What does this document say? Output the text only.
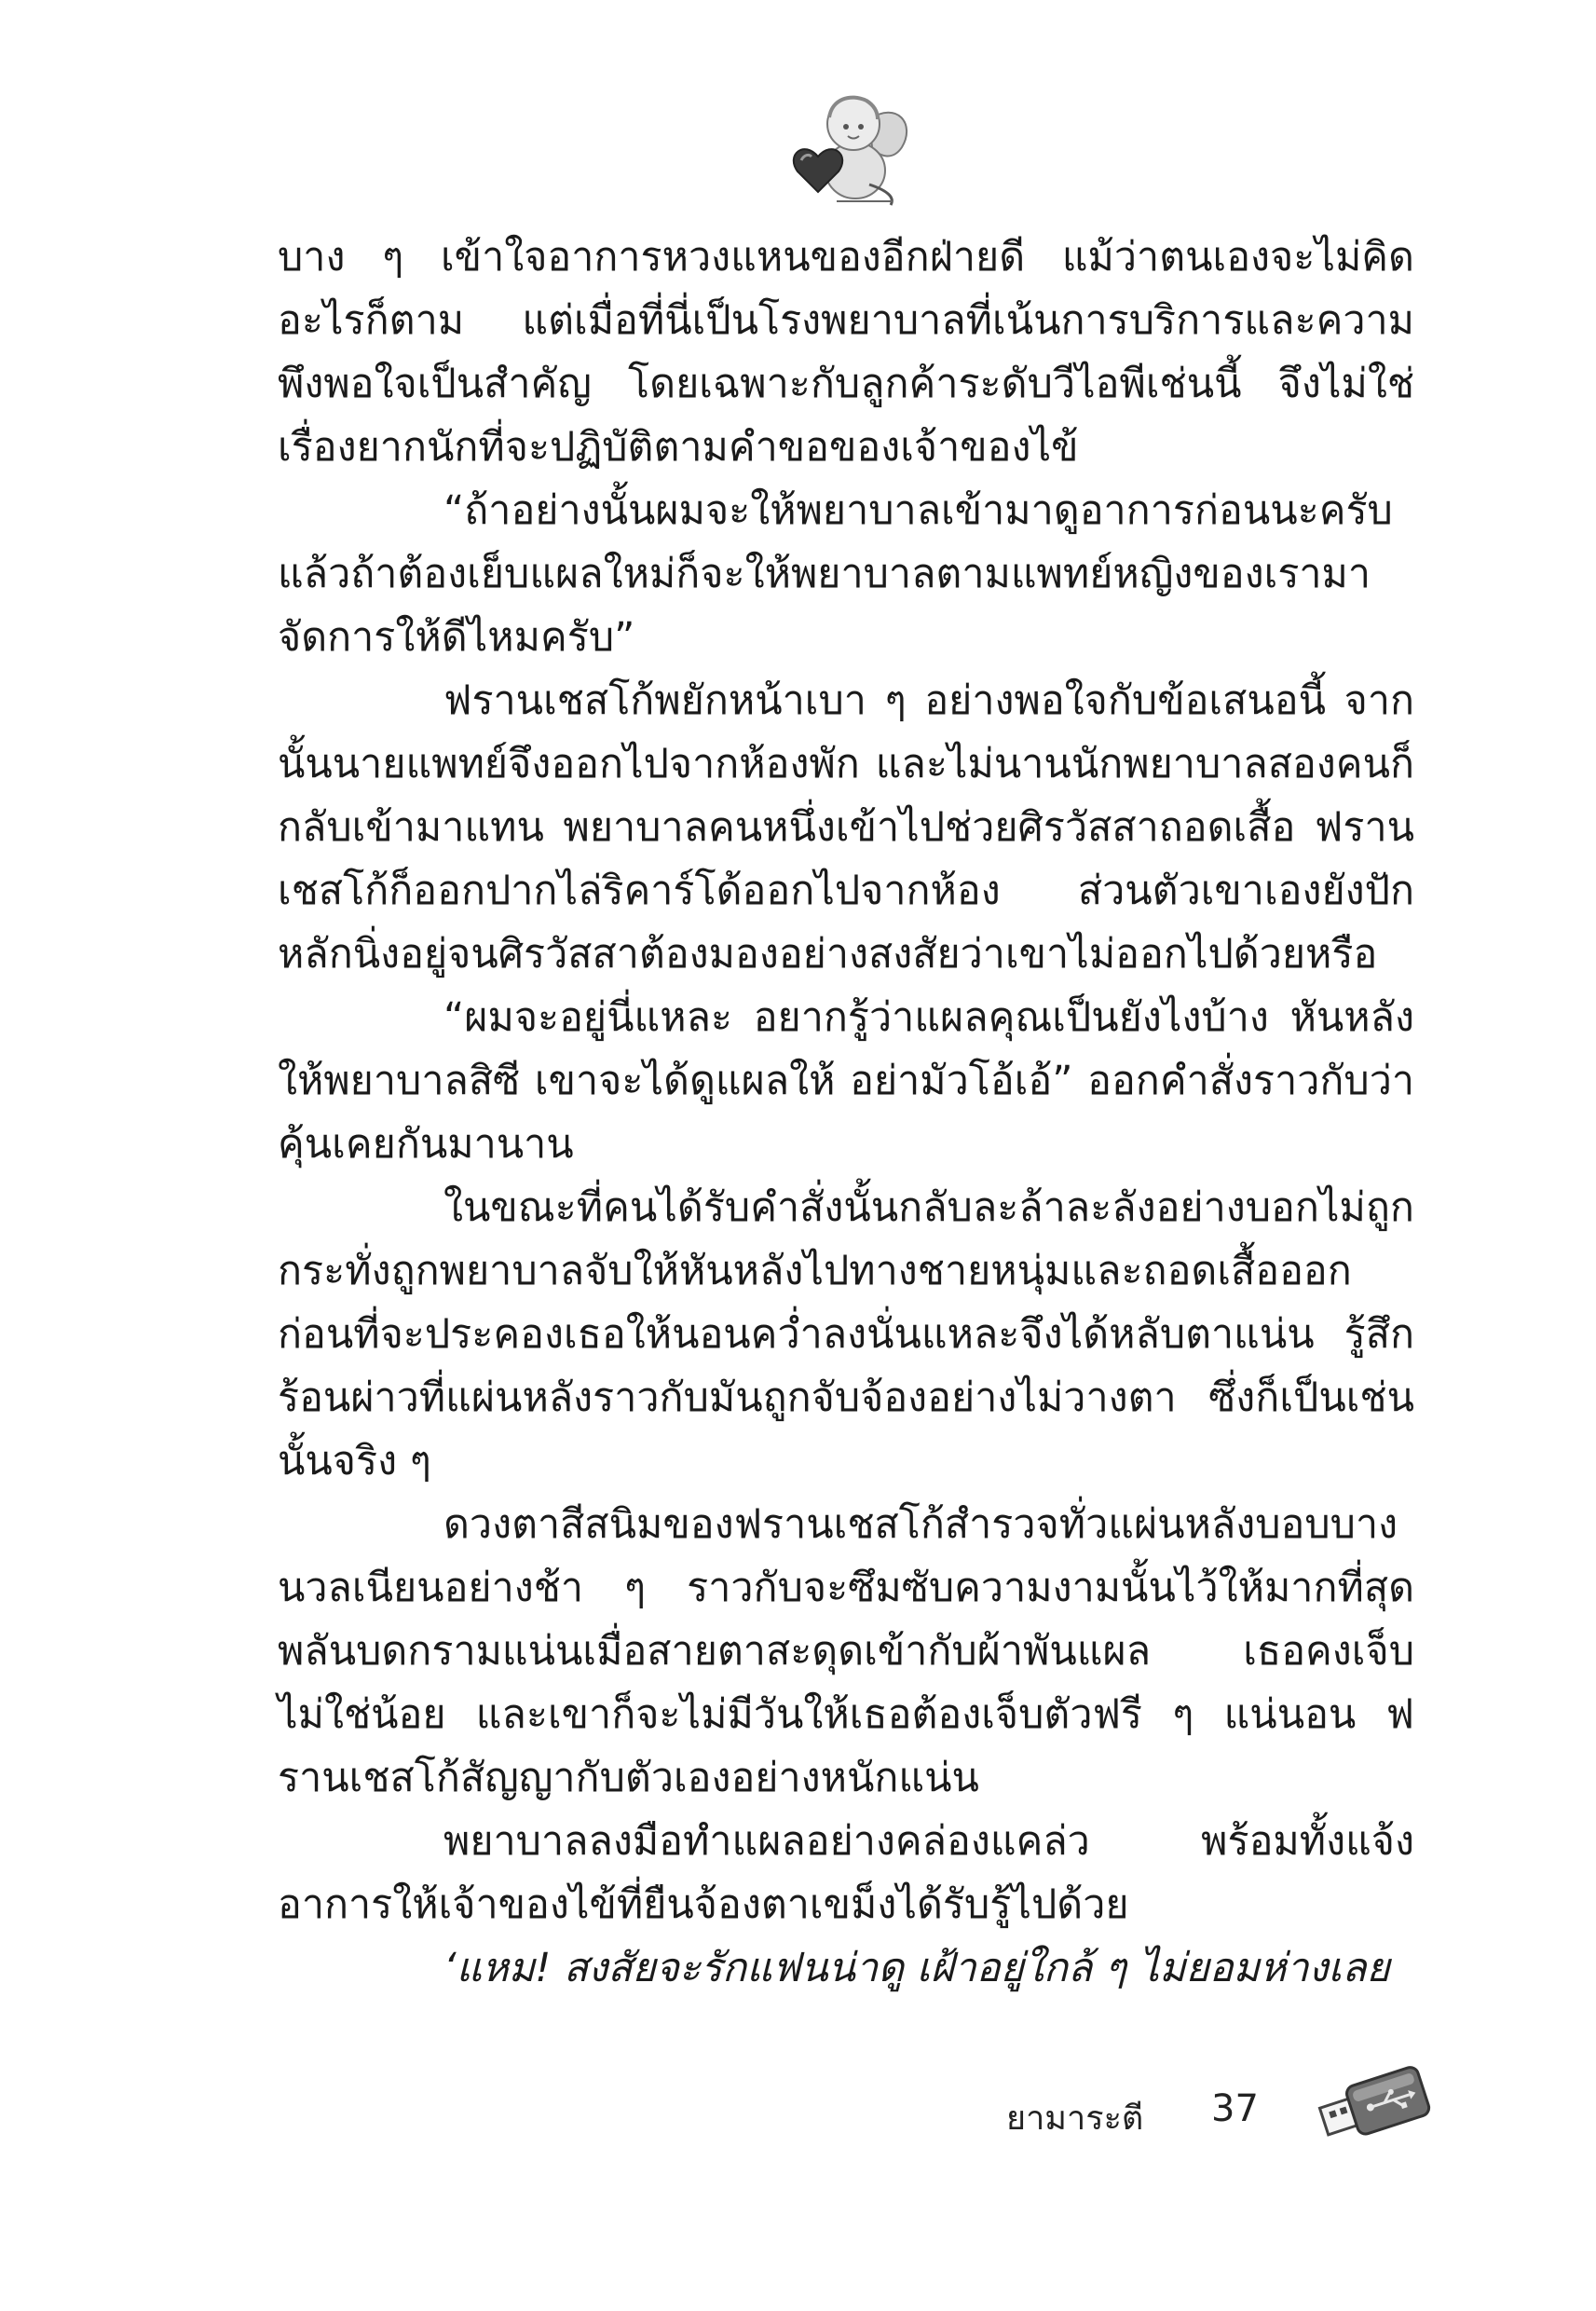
บาง ๆ เข้าใจอาการหวงแหนของอีกฝ่ายดี แม้ว่าตนเองจะไม่คิดอะไรก็ตาม แต่เมื่อที่นี่เป็นโรงพยาบาลที่เน้นการบริการและความพึงพอใจเป็นสำคัญ โดยเฉพาะกับลูกค้าระดับวีไอพีเช่นนี้ จึงไม่ใช่เรื่องยากนักที่จะปฏิบัติตามคำขอของเจ้าของไข้

“ถ้าอย่างนั้นผมจะให้พยาบาลเข้ามาดูอาการก่อนนะครับ แล้วถ้าต้องเย็บแผลใหม่ก็จะให้พยาบาลตามแพทย์หญิงของเรามาจัดการให้ดีไหมครับ”

ฟรานเชสโก้พยักหน้าเบา ๆ อย่างพอใจกับข้อเสนอนี้ จากนั้นนายแพทย์จึงออกไปจากห้องพัก และไม่นานนักพยาบาลสองคนก็กลับเข้ามาแทน พยาบาลคนหนึ่งเข้าไปช่วยศิรวัสสาถอดเสื้อ ฟรานเชสโก้ก็ออกปากไล่ริคาร์โด้ออกไปจากห้อง ส่วนตัวเขาเองยังปักหลักนิ่งอยู่จนศิรวัสสาต้องมองอย่างสงสัยว่าเขาไม่ออกไปด้วยหรือ

“ผมจะอยู่นี่แหละ อยากรู้ว่าแผลคุณเป็นยังไงบ้าง หันหลังให้พยาบาลสิซี เขาจะได้ดูแผลให้ อย่ามัวโอ้เอ้” ออกคำสั่งราวกับว่าคุ้นเคยกันมานาน

ในขณะที่คนได้รับคำสั่งนั้นกลับละล้าละลังอย่างบอกไม่ถูก กระทั่งถูกพยาบาลจับให้หันหลังไปทางชายหนุ่มและถอดเสื้อออก ก่อนที่จะประคองเธอให้นอนคว่ำลงนั่นแหละจึงได้หลับตาแน่น รู้สึกร้อนผ่าวที่แผ่นหลังราวกับมันถูกจับจ้องอย่างไม่วางตา ซึ่งก็เป็นเช่นนั้นจริง ๆ

ดวงตาสีสนิมของฟรานเชสโก้สำรวจทั่วแผ่นหลังบอบบางนวลเนียนอย่างช้า ๆ ราวกับจะซึมซับความงามนั้นไว้ให้มากที่สุด พลันบดกรามแน่นเมื่อสายตาสะดุดเข้ากับผ้าพันแผล เธอคงเจ็บไม่ใช่น้อย และเขาก็จะไม่มีวันให้เธอต้องเจ็บตัวฟรี ๆ แน่นอน ฟรานเชสโก้สัญญากับตัวเองอย่างหนักแน่น

พยาบาลลงมือทำแผลอย่างคล่องแคล่ว พร้อมทั้งแจ้งอาการให้เจ้าของไข้ที่ยืนจ้องตาเขม็งได้รับรู้ไปด้วย

‘แหม! สงสัยจะรักแฟนน่าดู เฝ้าอยู่ใกล้ ๆ ไม่ยอมห่างเลย

ยามาระตี 37
